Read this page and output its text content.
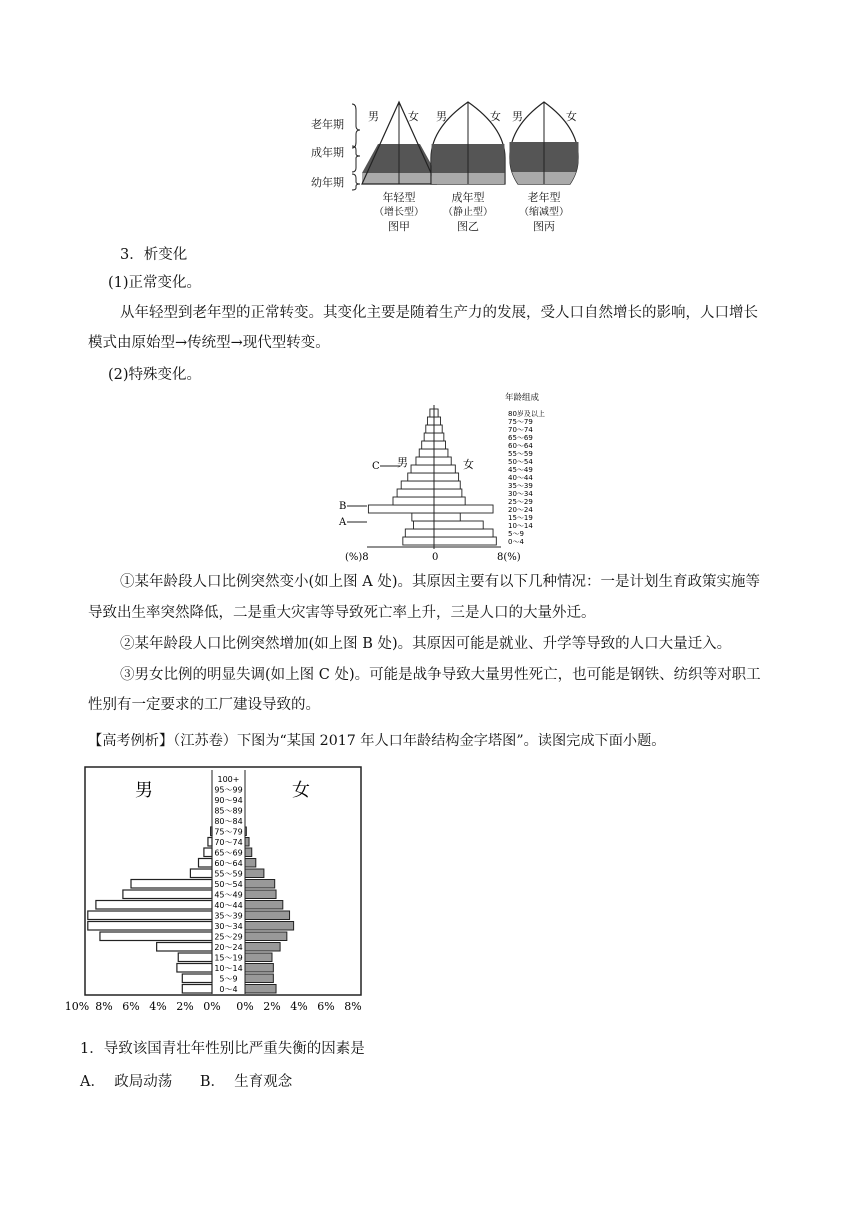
老年期
成年期
幼年期
男	女 男	女 男	女
年轻型
（增长型）
图甲
成年型
（静止型）
图乙
老年型
（缩减型）
图丙
3．析变化
(1)正常变化。
从年轻型到老年型的正常转变。其变化主要是随着生产力的发展，受人口自然增长的影响，人口增长
模式由原始型→传统型→现代型转变。
(2)特殊变化。
0～4
5～9
10～14
15～19
20～24
25～29
30～34
35～39
40～44
45～49
50～54
55～59
60～64
65～69
70～74
75～79
80岁及以上
A
B
C
年龄组成
男	女
(%)8	0	8(%)
①某年龄段人口比例突然变小(如上图 A 处)。其原因主要有以下几种情况：一是计划生育政策实施等
导致出生率突然降低，二是重大灾害等导致死亡率上升，三是人口的大量外迁。
②某年龄段人口比例突然增加(如上图 B 处)。其原因可能是就业、升学等导致的人口大量迁入。
③男女比例的明显失调(如上图 C 处)。可能是战争导致大量男性死亡，也可能是钢铁、纺织等对职工
性别有一定要求的工厂建设导致的。
【高考例析】（江苏卷）下图为“某国 2017 年人口年龄结构金字塔图”。读图完成下面小题。
0～4
5～9
10～14
15～19
20～24
25～29
30～34
35～39
40～44
45～49
50～54
55～59
60～64
65～69
70～74
75～79
80～84
85～89
90～94
95～99
100+
10% 8% 6% 4% 2% 0% 0% 2% 4% 6% 8%
男	女
1．导致该国青壮年性别比严重失衡的因素是
A．  政局动荡      B．  生育观念
